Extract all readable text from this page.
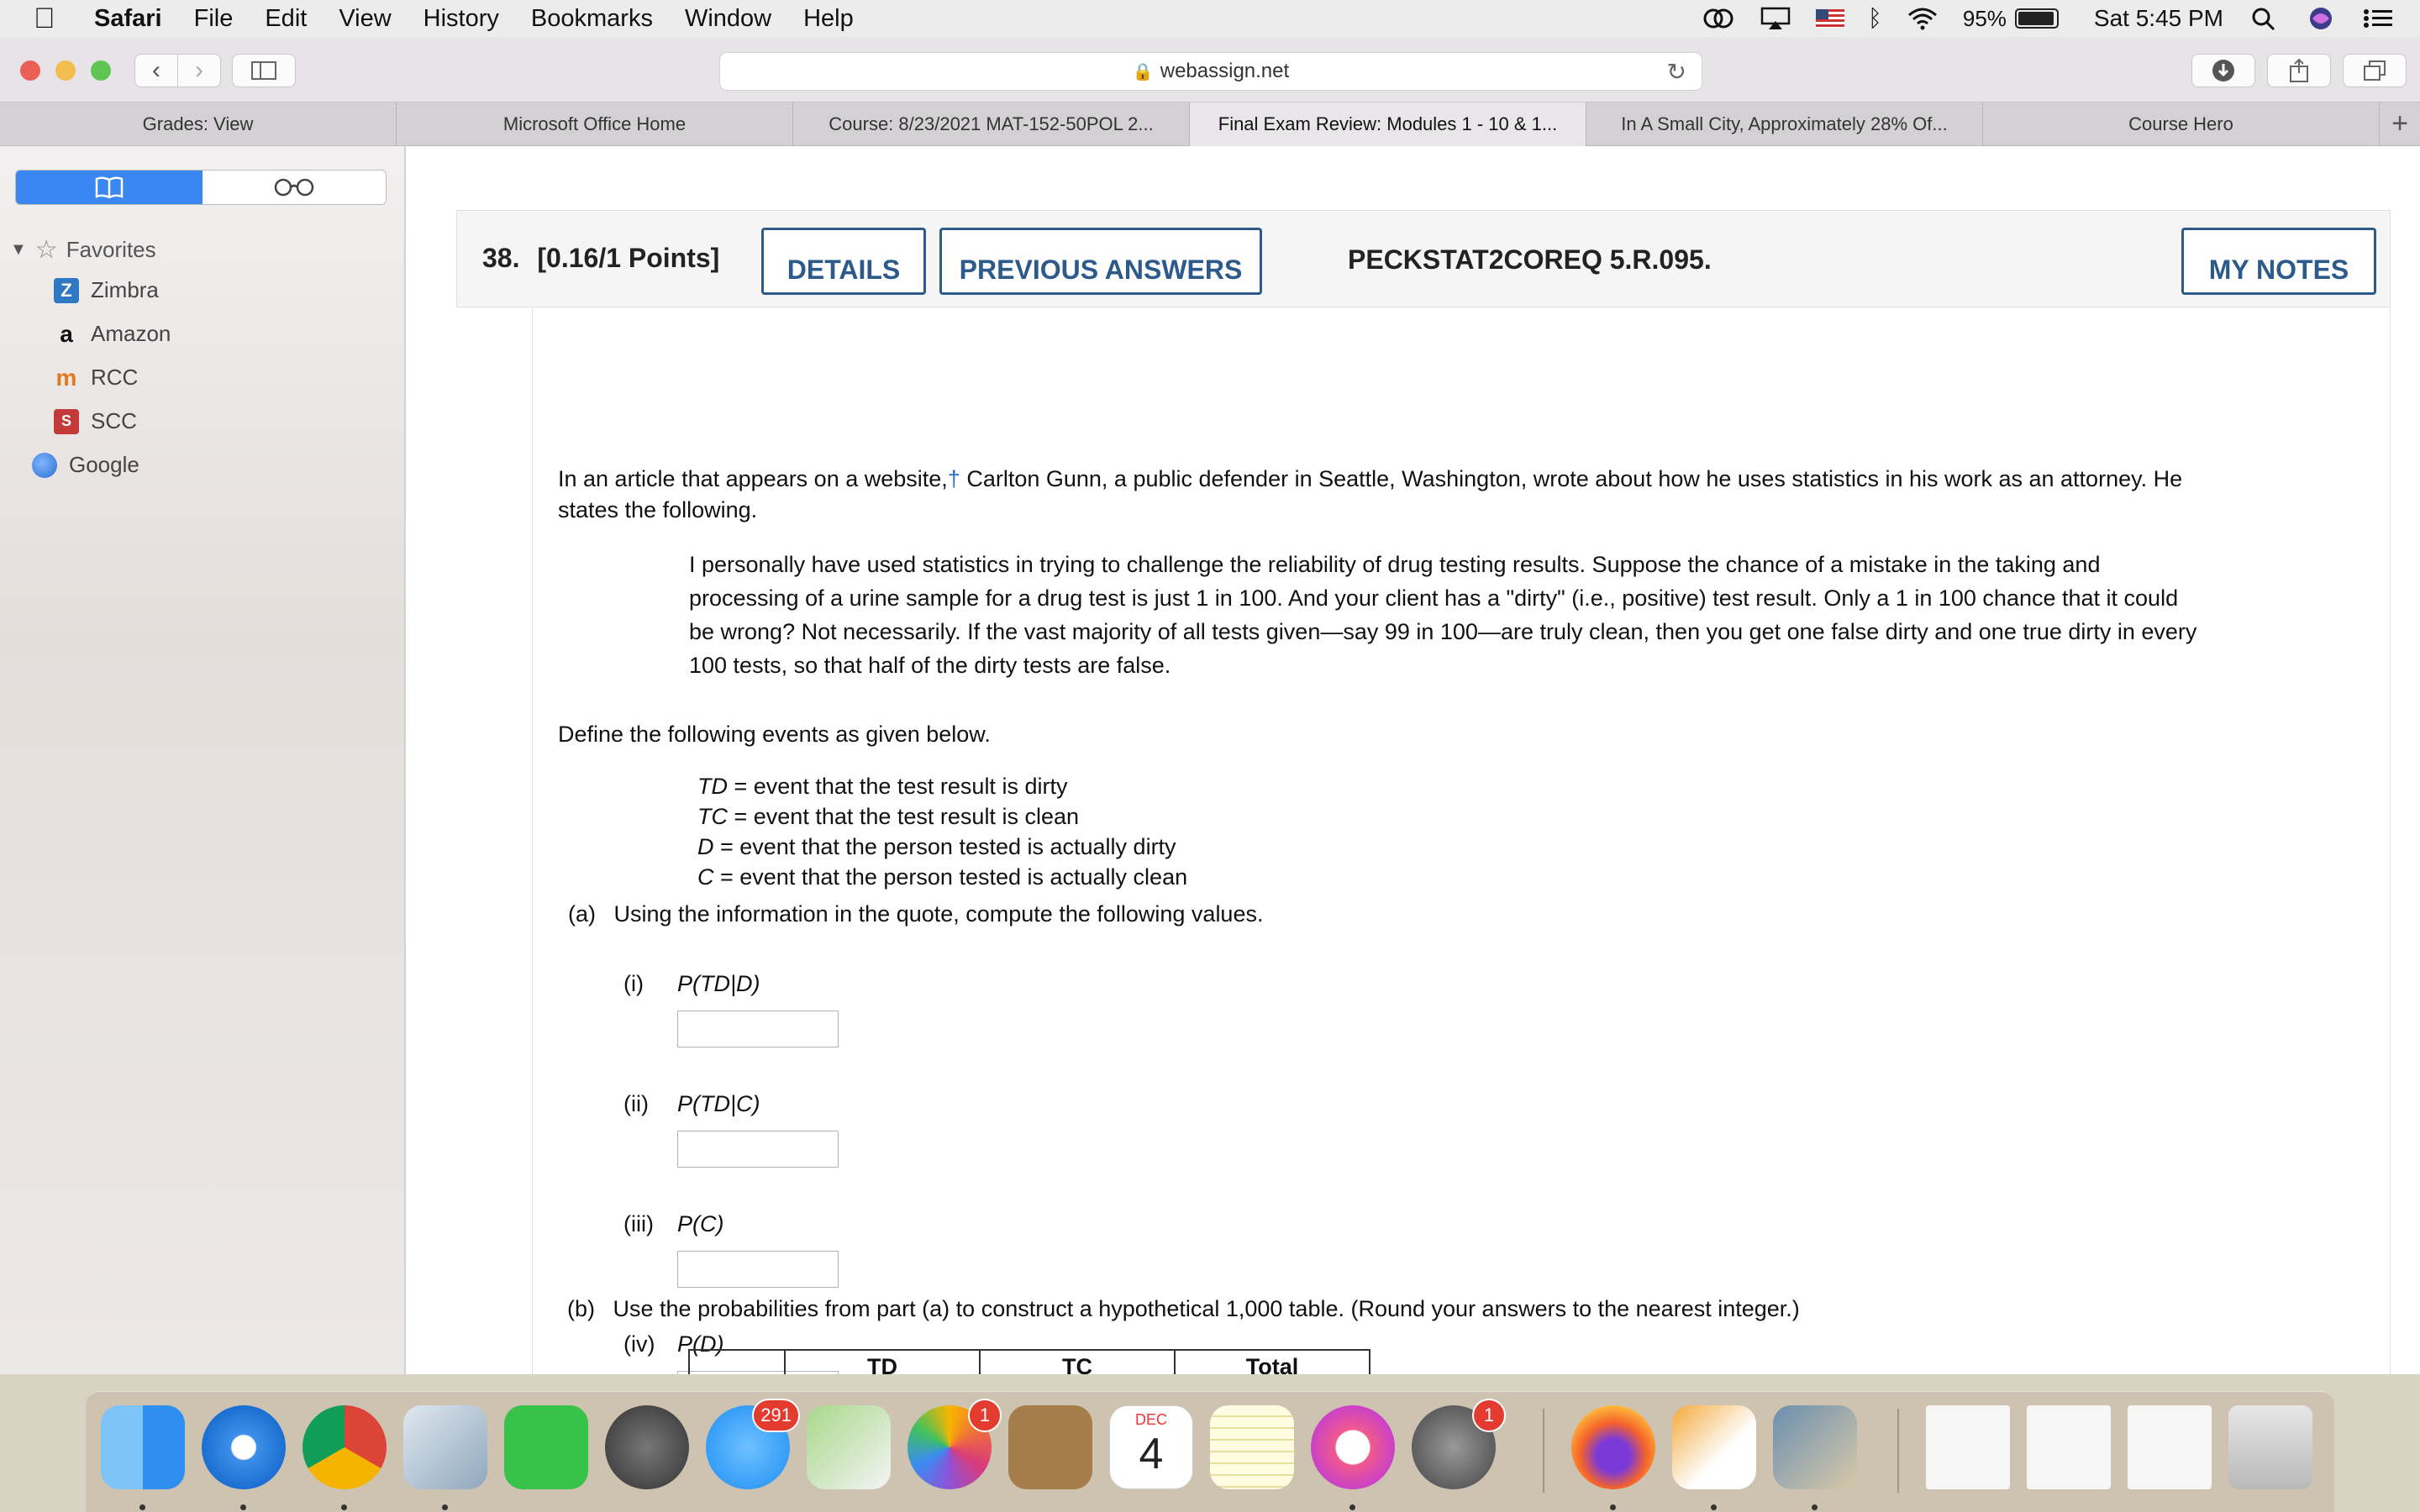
Safari File Edit View History Bookmarks Window Help	ᛒ	95%	Sat 5:45 PM
‹ ›	🔒 webassign.net	↻
Grades: View	Microsoft Office Home	Course: 8/23/2021 MAT-152-50POL 2...	Final Exam Review: Modules 1 - 10 & 1...	In A Small City, Approximately 28% Of...	Course Hero	+
▼ ☆ Favorites
Z Zimbra
a Amazon
m RCC
S SCC
Google
38. [0.16/1 Points]	DETAILS	PREVIOUS ANSWERS	PECKSTAT2COREQ 5.R.095.	MY NOTES
In an article that appears on a website,† Carlton Gunn, a public defender in Seattle, Washington, wrote about how he uses statistics in his work as an attorney. He
states the following.
I personally have used statistics in trying to challenge the reliability of drug testing results. Suppose the chance of a mistake in the taking and
processing of a urine sample for a drug test is just 1 in 100. And your client has a "dirty" (i.e., positive) test result. Only a 1 in 100 chance that it could
be wrong? Not necessarily. If the vast majority of all tests given—say 99 in 100—are truly clean, then you get one false dirty and one true dirty in every
100 tests, so that half of the dirty tests are false.
Define the following events as given below.
TD = event that the test result is dirty
TC = event that the test result is clean
D = event that the person tested is actually dirty
C = event that the person tested is actually clean
(a) Using the information in the quote, compute the following values.
(i) P(TD|D)
(ii) P(TD|C)
(iii) P(C)
(iv) P(D)
(b) Use the probabilities from part (a) to construct a hypothetical 1,000 table. (Round your answers to the nearest integer.)
	TD	TC	Total
291	1	DEC
4
1
